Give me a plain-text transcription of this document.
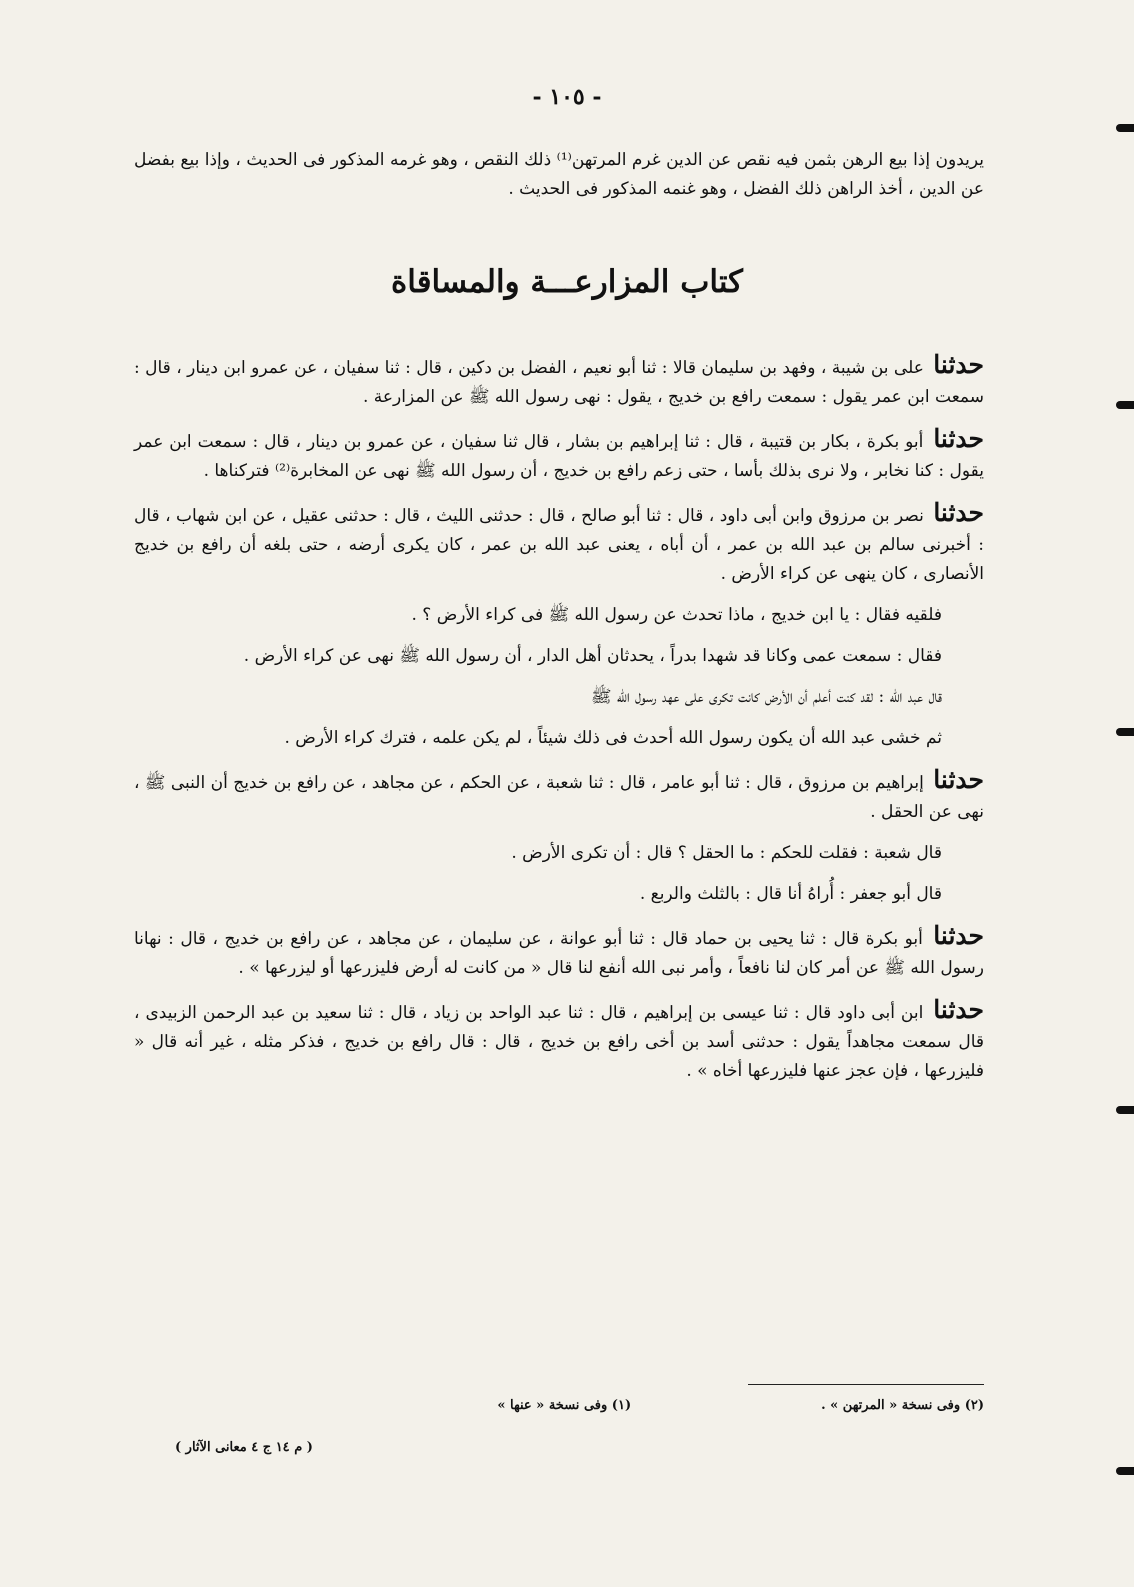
- ١٠٥ -
يريدون إذا بيع الرهن بثمن فيه نقص عن الدين غرم المرتهن⁽¹⁾ ذلك النقص ، وهو غرمه المذكور فى الحديث ، وإذا بيع بفضل عن الدين ، أخذ الراهن ذلك الفضل ، وهو غنمه المذكور فى الحديث .
كتاب المزارعـــة والمساقاة

حدثنا على بن شيبة ، وفهد بن سليمان قالا : ثنا أبو نعيم ، الفضل بن دكين ، قال : ثنا سفيان ، عن عمرو ابن دينار ، قال : سمعت ابن عمر يقول : سمعت رافع بن خديج ، يقول : نهى رسول الله ﷺ عن المزارعة .

حدثنا أبو بكرة ، بكار بن قتيبة ، قال : ثنا إبراهيم بن بشار ، قال ثنا سفيان ، عن عمرو بن دينار ، قال : سمعت ابن عمر يقول : كنا نخابر ، ولا نرى بذلك بأسا ، حتى زعم رافع بن خديج ، أن رسول الله ﷺ نهى عن المخابرة⁽²⁾ فتركناها .

حدثنا نصر بن مرزوق وابن أبى داود ، قال : ثنا أبو صالح ، قال : حدثنى الليث ، قال : حدثنى عقيل ، عن ابن شهاب ، قال : أخبرنى سالم بن عبد الله بن عمر ، أن أباه ، يعنى عبد الله بن عمر ، كان يكرى أرضه ، حتى بلغه أن رافع بن خديج الأنصارى ، كان ينهى عن كراء الأرض .

فلقيه فقال : يا ابن خديج ، ماذا تحدث عن رسول الله ﷺ فى كراء الأرض ؟ .

فقال : سمعت عمى وكانا قد شهدا بدراً ، يحدثان أهل الدار ، أن رسول الله ﷺ نهى عن كراء الأرض .

قال عبد الله : لقد كنت أعلم أن الأرض كانت تكرى على عهد رسول الله ﷺ

ثم خشى عبد الله أن يكون رسول الله أحدث فى ذلك شيئاً ، لم يكن علمه ، فترك كراء الأرض .

حدثنا إبراهيم بن مرزوق ، قال : ثنا أبو عامر ، قال : ثنا شعبة ، عن الحكم ، عن مجاهد ، عن رافع بن خديج أن النبى ﷺ ، نهى عن الحقل .

قال شعبة : فقلت للحكم : ما الحقل ؟ قال : أن تكرى الأرض .

قال أبو جعفر : أُراهُ أنا قال : بالثلث والربع .

حدثنا أبو بكرة قال : ثنا يحيى بن حماد قال : ثنا أبو عوانة ، عن سليمان ، عن مجاهد ، عن رافع بن خديج ، قال : نهانا رسول الله ﷺ عن أمر كان لنا نافعاً ، وأمر نبى الله أنفع لنا قال « من كانت له أرض فليزرعها أو ليزرعها » .

حدثنا ابن أبى داود قال : ثنا عيسى بن إبراهيم ، قال : ثنا عبد الواحد بن زياد ، قال : ثنا سعيد بن عبد الرحمن الزبيدى ، قال سمعت مجاهداً يقول : حدثنى أسد بن أخى رافع بن خديج ، قال : قال رافع بن خديج ، فذكر مثله ، غير أنه قال « فليزرعها ، فإن عجز عنها فليزرعها أخاه » .

(٢) وفى نسخة « المرتهن » .
(١) وفى نسخة « عنها »
( م ١٤ ج ٤ معانى الآثار )
